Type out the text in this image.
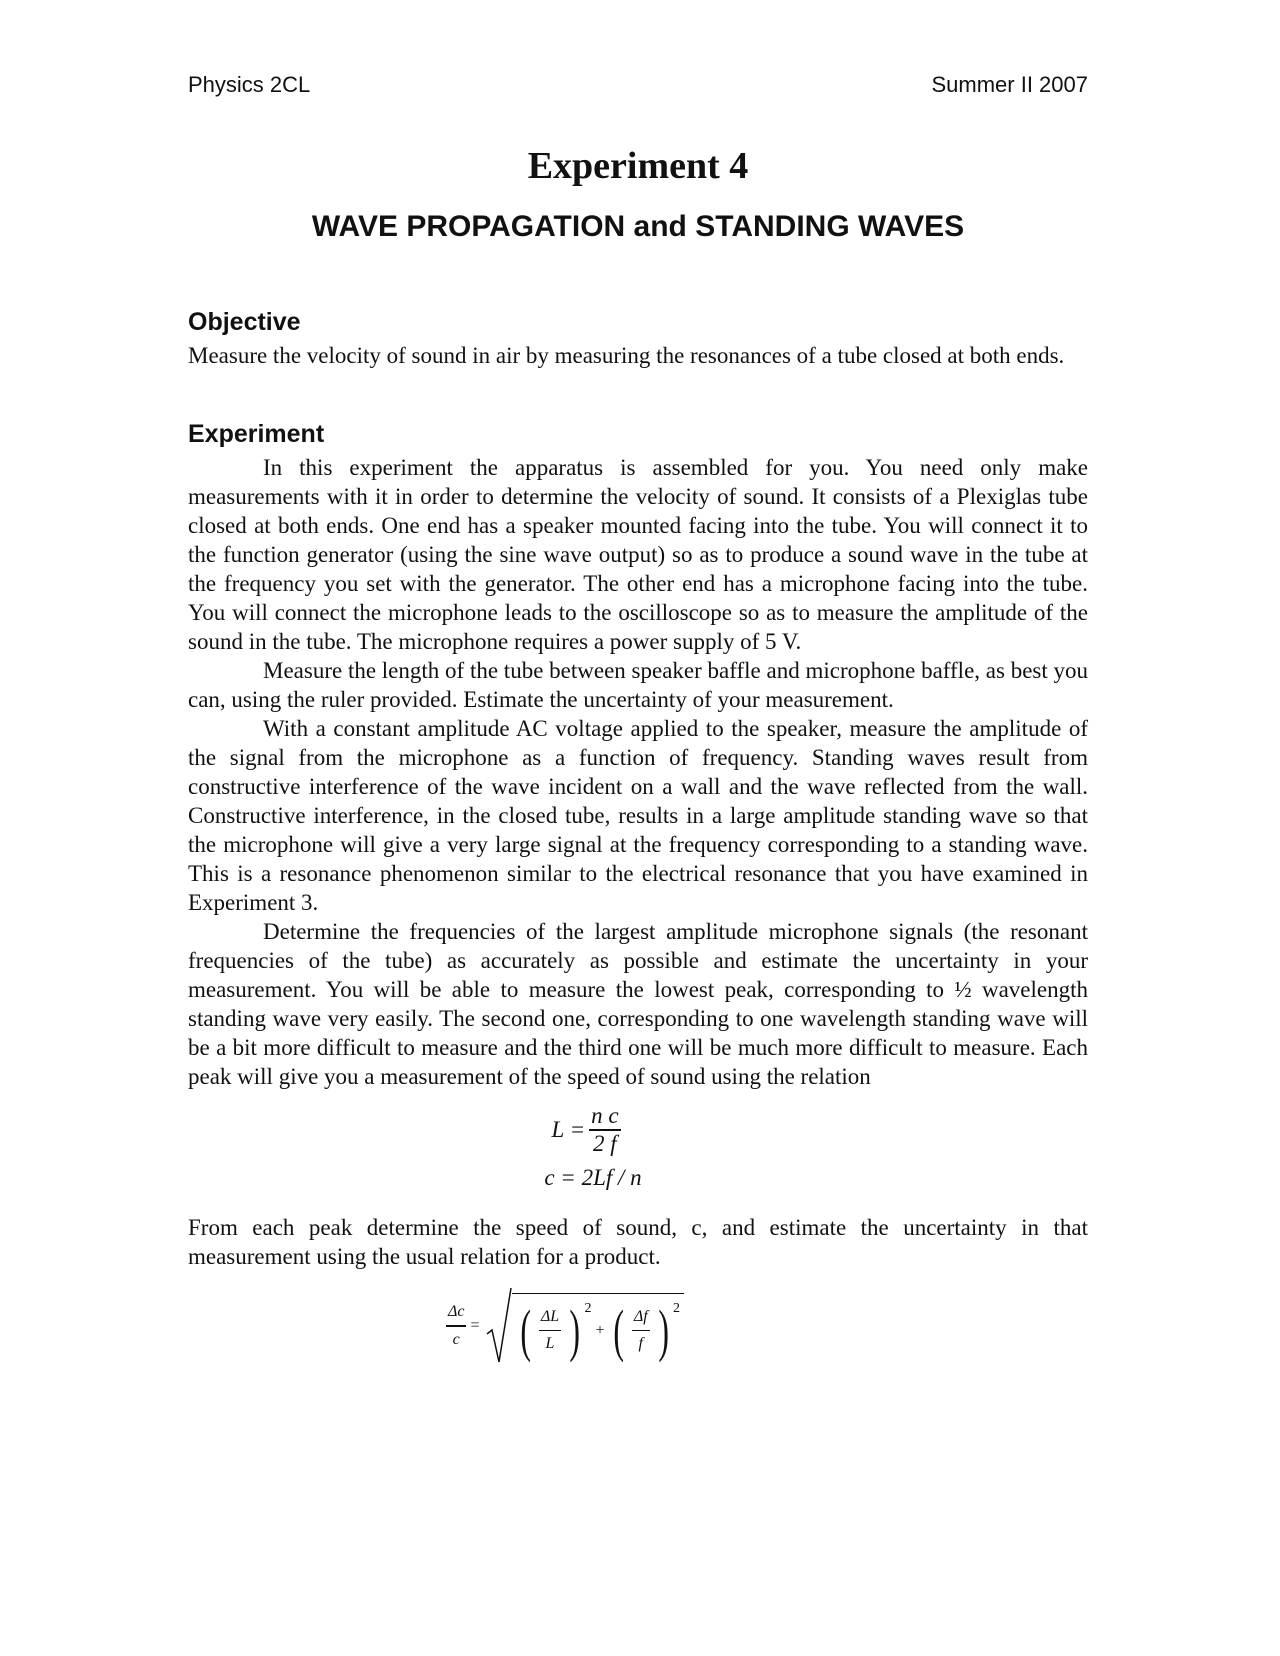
Physics 2CL	Summer II 2007
Experiment 4
WAVE PROPAGATION and STANDING WAVES
Objective

Measure the velocity of sound in air by measuring the resonances of a tube closed at both ends.

Experiment

In this experiment the apparatus is assembled for you. You need only make measurements with it in order to determine the velocity of sound. It consists of a Plexiglas tube closed at both ends. One end has a speaker mounted facing into the tube. You will connect it to the function generator (using the sine wave output) so as to produce a sound wave in the tube at the frequency you set with the generator. The other end has a microphone facing into the tube. You will connect the microphone leads to the oscilloscope so as to measure the amplitude of the sound in the tube. The microphone requires a power supply of 5 V.

Measure the length of the tube between speaker baffle and microphone baffle, as best you can, using the ruler provided. Estimate the uncertainty of your measurement.

With a constant amplitude AC voltage applied to the speaker, measure the amplitude of the signal from the microphone as a function of frequency. Standing waves result from constructive interference of the wave incident on a wall and the wave reflected from the wall. Constructive interference, in the closed tube, results in a large amplitude standing wave so that the microphone will give a very large signal at the frequency corresponding to a standing wave. This is a resonance phenomenon similar to the electrical resonance that you have examined in Experiment 3.

Determine the frequencies of the largest amplitude microphone signals (the resonant frequencies of the tube) as accurately as possible and estimate the uncertainty in your measurement. You will be able to measure the lowest peak, corresponding to ½ wavelength standing wave very easily. The second one, corresponding to one wavelength standing wave will be a bit more difficult to measure and the third one will be much more difficult to measure. Each peak will give you a measurement of the speed of sound using the relation

$L = \frac{\text{n c}}{2 f}$
c = 2Lf / n

From each peak determine the speed of sound, c, and estimate the uncertainty in that measurement using the usual relation for a product.

$\frac{\Delta c}{c}$ = ( $\frac{\Delta L}{L}$ ) 2
+ ( $\frac{\Delta f}{f}$ ) 2
